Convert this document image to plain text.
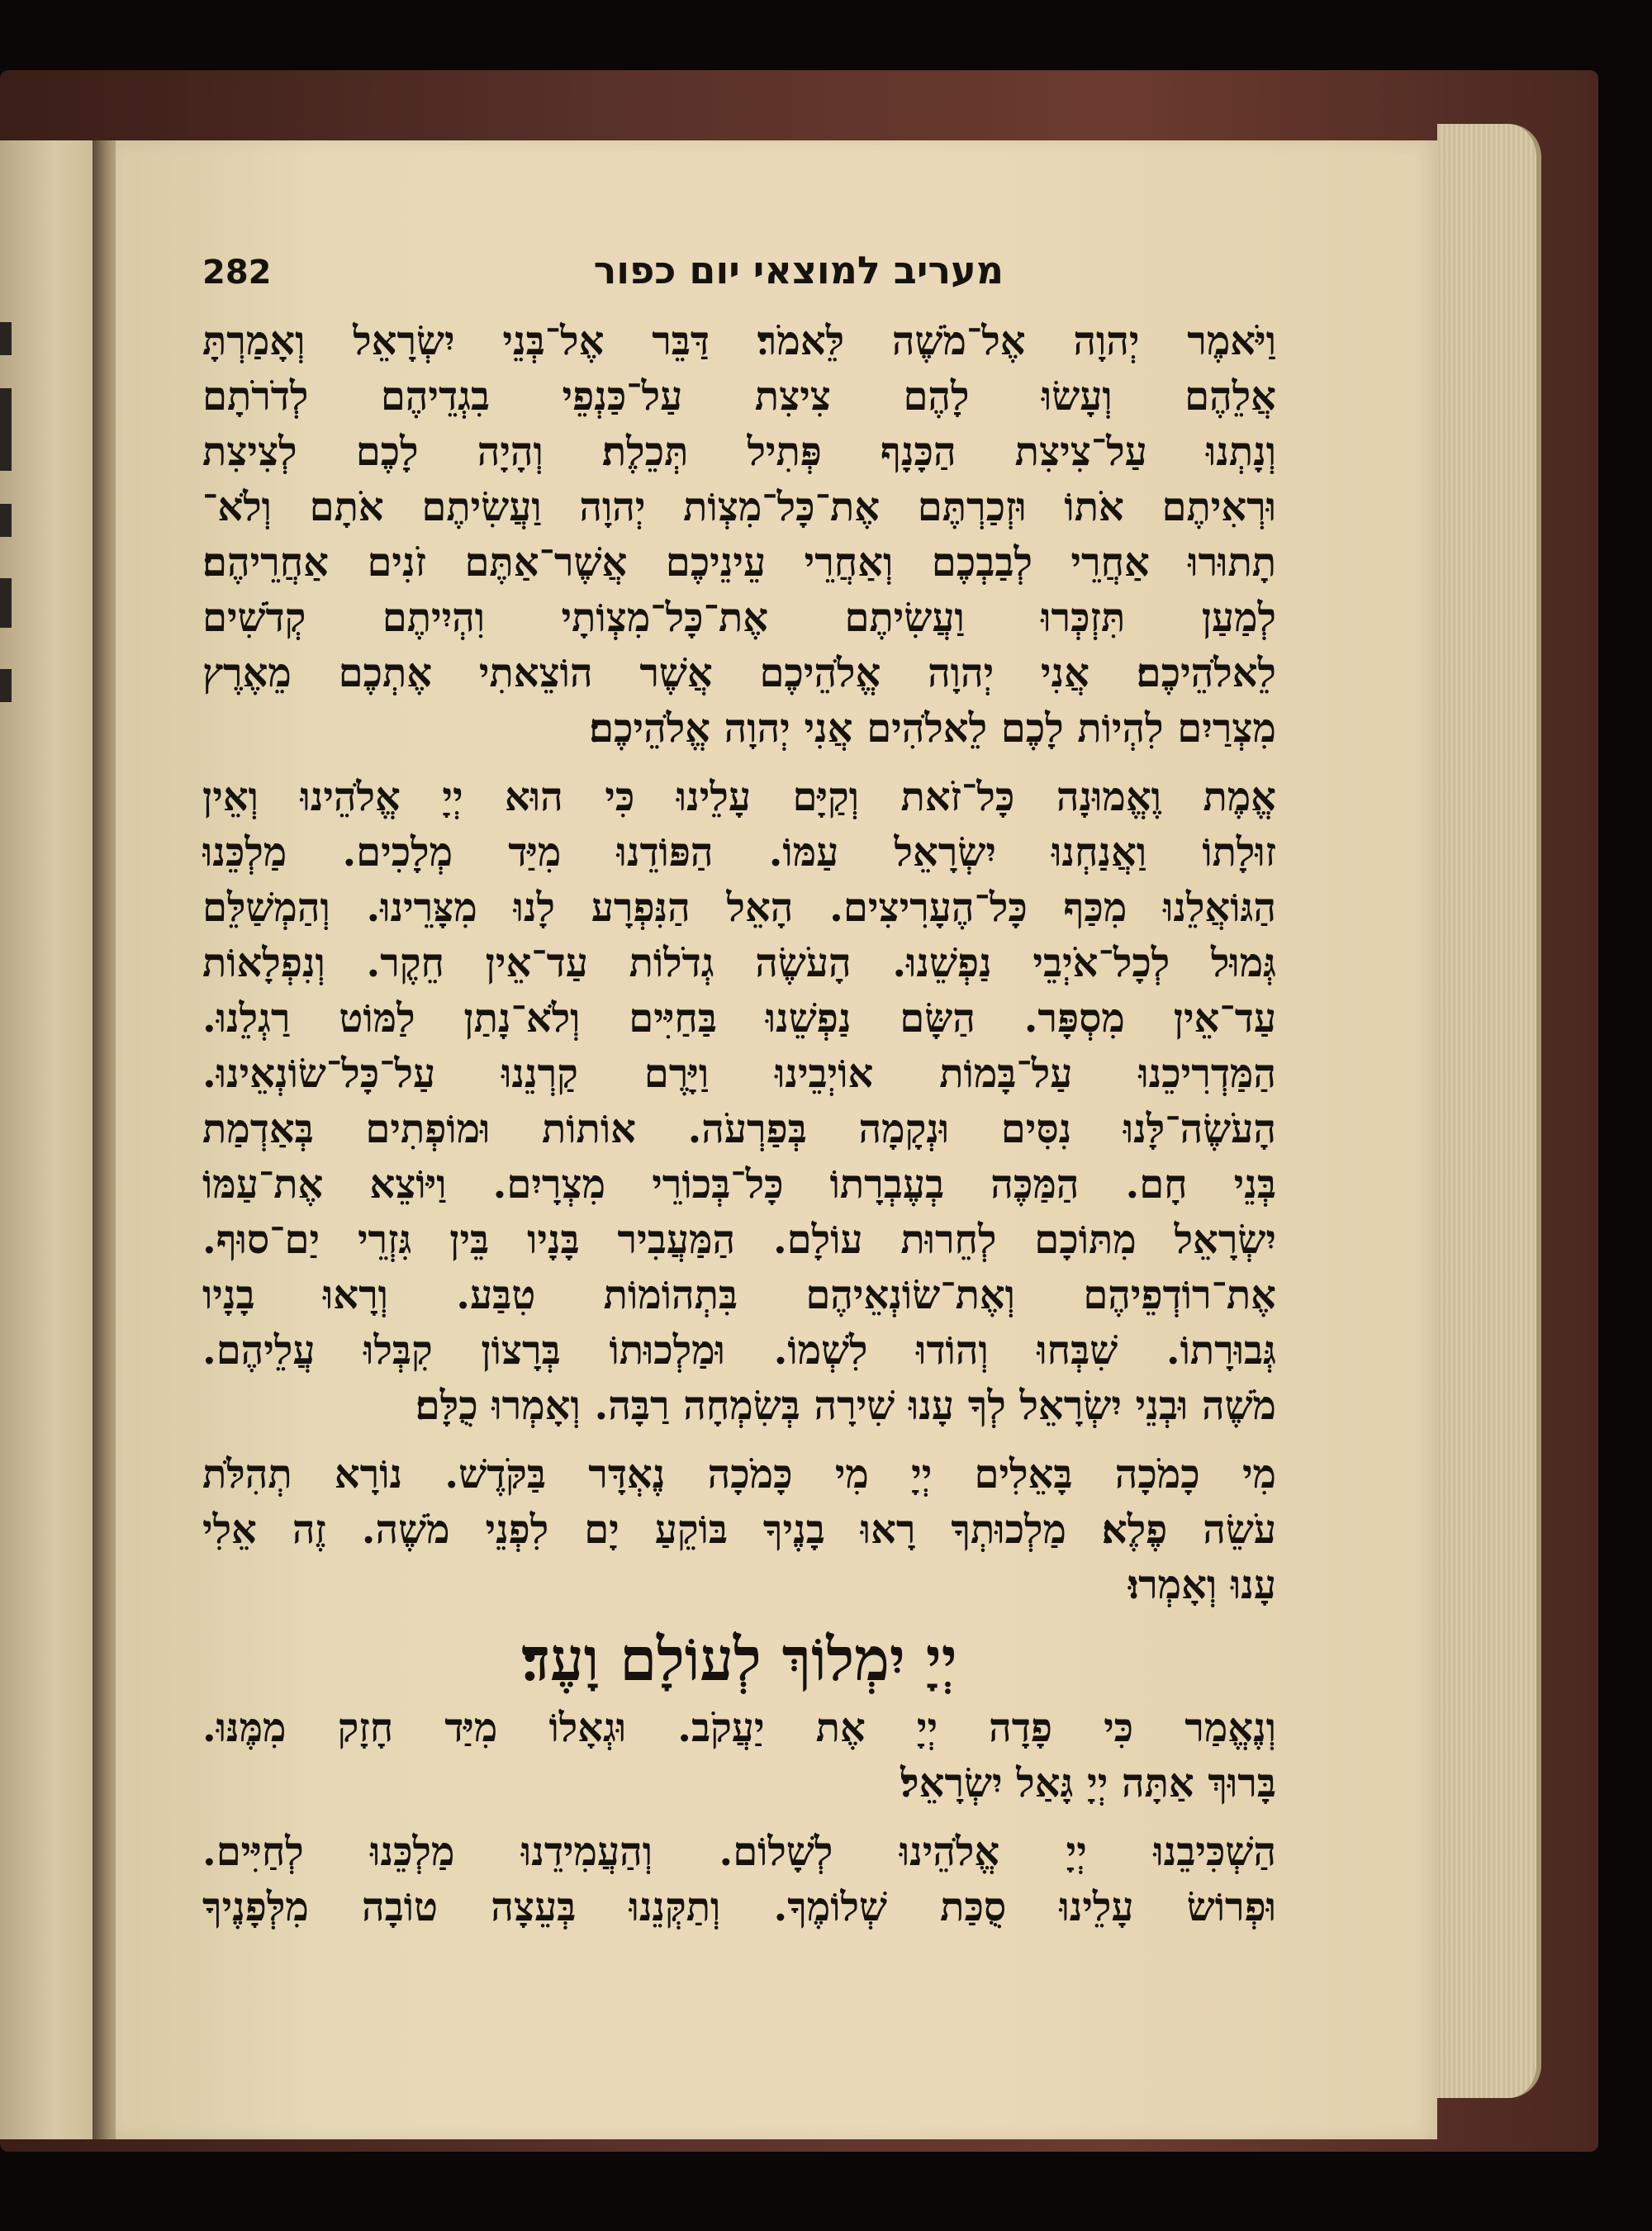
מעריב למוצאי יום כפור
282

וַיֹּאמֶר יְהוָה אֶל־מֹשֶׁה לֵּאמֹר׃ דַּבֵּר אֶל־בְּנֵי יִשְׂרָאֵל וְאָמַרְתָּ
אֲלֵהֶם וְעָשׂוּ לָהֶם צִיצִת עַל־כַּנְפֵי בִגְדֵיהֶם לְדֹרֹתָם
וְנָתְנוּ עַל־צִיצִת הַכָּנָף פְּתִיל תְּכֵלֶת׃ וְהָיָה לָכֶם לְצִיצִת
וּרְאִיתֶם אֹתוֹ וּזְכַרְתֶּם אֶת־כָּל־מִצְוֹת יְהוָה וַעֲשִׂיתֶם אֹתָם וְלֹא־
תָתוּרוּ אַחֲרֵי לְבַבְכֶם וְאַחֲרֵי עֵינֵיכֶם אֲשֶׁר־אַתֶּם זֹנִים אַחֲרֵיהֶם׃
לְמַעַן תִּזְכְּרוּ וַעֲשִׂיתֶם אֶת־כָּל־מִצְוֹתָי וִהְיִיתֶם קְדֹשִׁים
לֵאלֹהֵיכֶם׃ אֲנִי יְהוָה אֱלֹהֵיכֶם אֲשֶׁר הוֹצֵאתִי אֶתְכֶם מֵאֶרֶץ
מִצְרַיִם לִהְיוֹת לָכֶם לֵאלֹהִים אֲנִי יְהוָה אֱלֹהֵיכֶם׃

אֱמֶת וֶאֱמוּנָה כָּל־זֹאת וְקַיָּם עָלֵינוּ כִּי הוּא יְיָ אֱלֹהֵינוּ וְאֵין
זוּלָתוֹ וַאֲנַחְנוּ יִשְׂרָאֵל עַמּוֹ. הַפּוֹדֵנוּ מִיַּד מְלָכִים. מַלְכֵּנוּ
הַגּוֹאֲלֵנוּ מִכַּף כָּל־הֶעָרִיצִים. הָאֵל הַנִּפְרָע לָנוּ מִצָּרֵינוּ. וְהַמְשַׁלֵּם
גְּמוּל לְכָל־אֹיְבֵי נַפְשֵׁנוּ. הָעֹשֶׂה גְדֹלוֹת עַד־אֵין חֵקֶר. וְנִפְלָאוֹת
עַד־אֵין מִסְפָּר. הַשָּׂם נַפְשֵׁנוּ בַּחַיִּים וְלֹא־נָתַן לַמּוֹט רַגְלֵנוּ.
הַמַּדְרִיכֵנוּ עַל־בָּמוֹת אוֹיְבֵינוּ וַיָּרֶם קַרְנֵנוּ עַל־כָּל־שׂוֹנְאֵינוּ.
הָעֹשֶׂה־לָּנוּ נִסִּים וּנְקָמָה בְּפַרְעֹה. אוֹתוֹת וּמוֹפְתִים בְּאַדְמַת
בְּנֵי חָם. הַמַּכֶּה בְעֶבְרָתוֹ כָּל־בְּכוֹרֵי מִצְרָיִם. וַיּוֹצֵא אֶת־עַמּוֹ
יִשְׂרָאֵל מִתּוֹכָם לְחֵרוּת עוֹלָם. הַמַּעֲבִיר בָּנָיו בֵּין גִּזְרֵי יַם־סוּף.
אֶת־רוֹדְפֵיהֶם וְאֶת־שׂוֹנְאֵיהֶם בִּתְהוֹמוֹת טִבַּע. וְרָאוּ בָנָיו
גְּבוּרָתוֹ. שִׁבְּחוּ וְהוֹדוּ לִשְׁמוֹ. וּמַלְכוּתוֹ בְּרָצוֹן קִבְּלוּ עֲלֵיהֶם.
מֹשֶׁה וּבְנֵי יִשְׂרָאֵל לְךָ עָנוּ שִׁירָה בְּשִׂמְחָה רַבָּה. וְאָמְרוּ כֻלָּם׃

מִי כָמֹכָה בָּאֵלִים יְיָ מִי כָּמֹכָה נֶאְדָּר בַּקֹּדֶשׁ. נוֹרָא תְהִלֹּת
עֹשֵׂה פֶלֶא׃ מַלְכוּתְךָ רָאוּ בָנֶיךָ בּוֹקֵעַ יָם לִפְנֵי מֹשֶׁה. זֶה אֵלִי
עָנוּ וְאָמְרוּ׃

יְיָ יִמְלוֹךְ לְעוֹלָם וָעֶד׃

וְנֶאֱמַר כִּי פָדָה יְיָ אֶת יַעֲקֹב. וּגְאָלוֹ מִיַּד חָזָק מִמֶּנּוּ.
בָּרוּךְ אַתָּה יְיָ גָּאַל יִשְׂרָאֵל׃

הַשְׁכִּיבֵנוּ יְיָ אֱלֹהֵינוּ לְשָׁלוֹם. וְהַעֲמִידֵנוּ מַלְכֵּנוּ לְחַיִּים.
וּפְרוֹשׂ עָלֵינוּ סֻכַּת שְׁלוֹמֶךָ. וְתַקְּנֵנוּ בְּעֵצָה טוֹבָה מִלְּפָנֶיךָ
